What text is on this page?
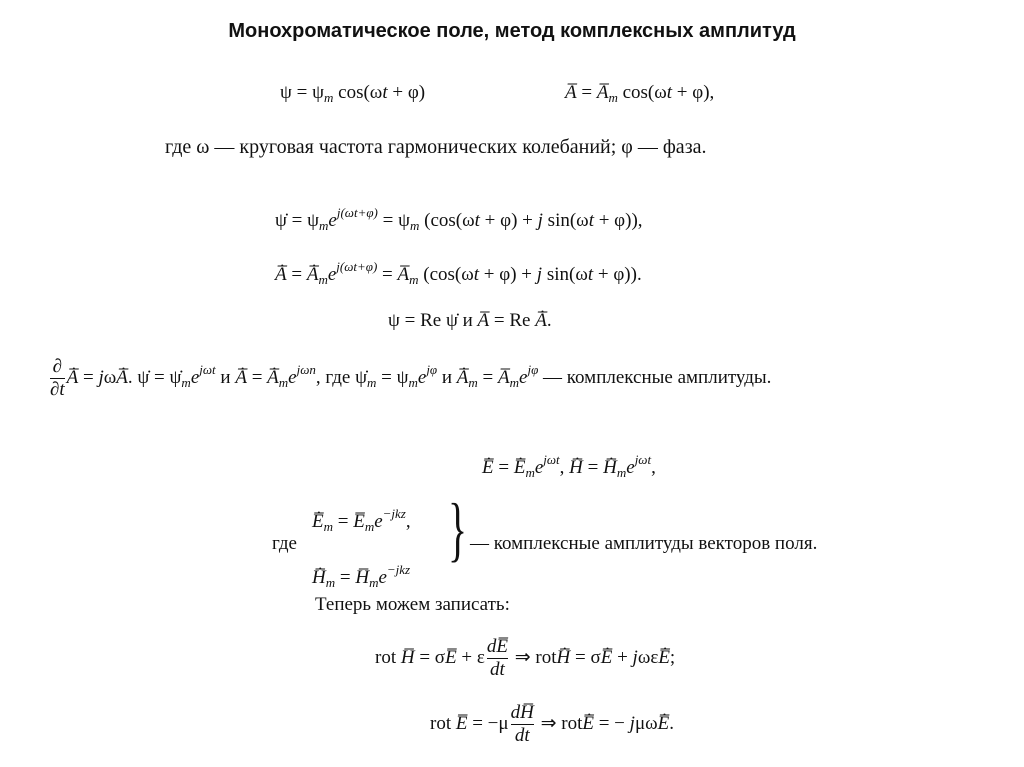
Монохроматическое поле, метод комплексных амплитуд
$\psi = \psi_m$ cos(ωt + φ)	A̅ = $A̅_m$ cos(ωt + φ),
где ω — круговая частота гармонических колебаний; φ — фаза.
ψ̇ = $\psi_me^{j(\omega t+\varphi)} = \psi_m$ (cos(ωt + φ) + j sin(ωt + φ)),
A̅̇ = $A̅̇_me^{j(\omega t+\varphi)}$ = $A̅_m$ (cos(ωt + φ) + j sin(ωt + φ)).
ψ = Re ψ̇ и A̅ = Re A̅̇.
$\frac{\partial}{\partial t}$ A̅̇ = jωA̅̇. ψ̇ = $\psi̇_me^{j\omega t}$ и A̅̇ = $A̅̇_me^{j\omega n}$, где $\psi̇_m = \psi_me^{j\varphi}$ и $A̅̇_m$ = $A̅_me^{j\varphi}$ — комплексные амплитуды.
E̅̇ = $E̅̇_me^{j\omega t}$, H̅̇ = $H̅̇_me^{j\omega t}$,
где
$E̅̇_m$ = $E̅_me^{-jkz}$,
$H̅̇_m$ = $H̅_me^{-jkz}$
} — комплексные амплитуды векторов поля.
Теперь можем записать:
rot H̅ = σE̅ + ε $\frac{dE̅̄}{dt}$ ⇒ rotH̅̇ = σE̅̇ + jωεE̅̇;
rot E̅ = $-\mu \frac{dH̅}{dt}$ ⇒ rotE̅̇ = − jμωE̅̇.
